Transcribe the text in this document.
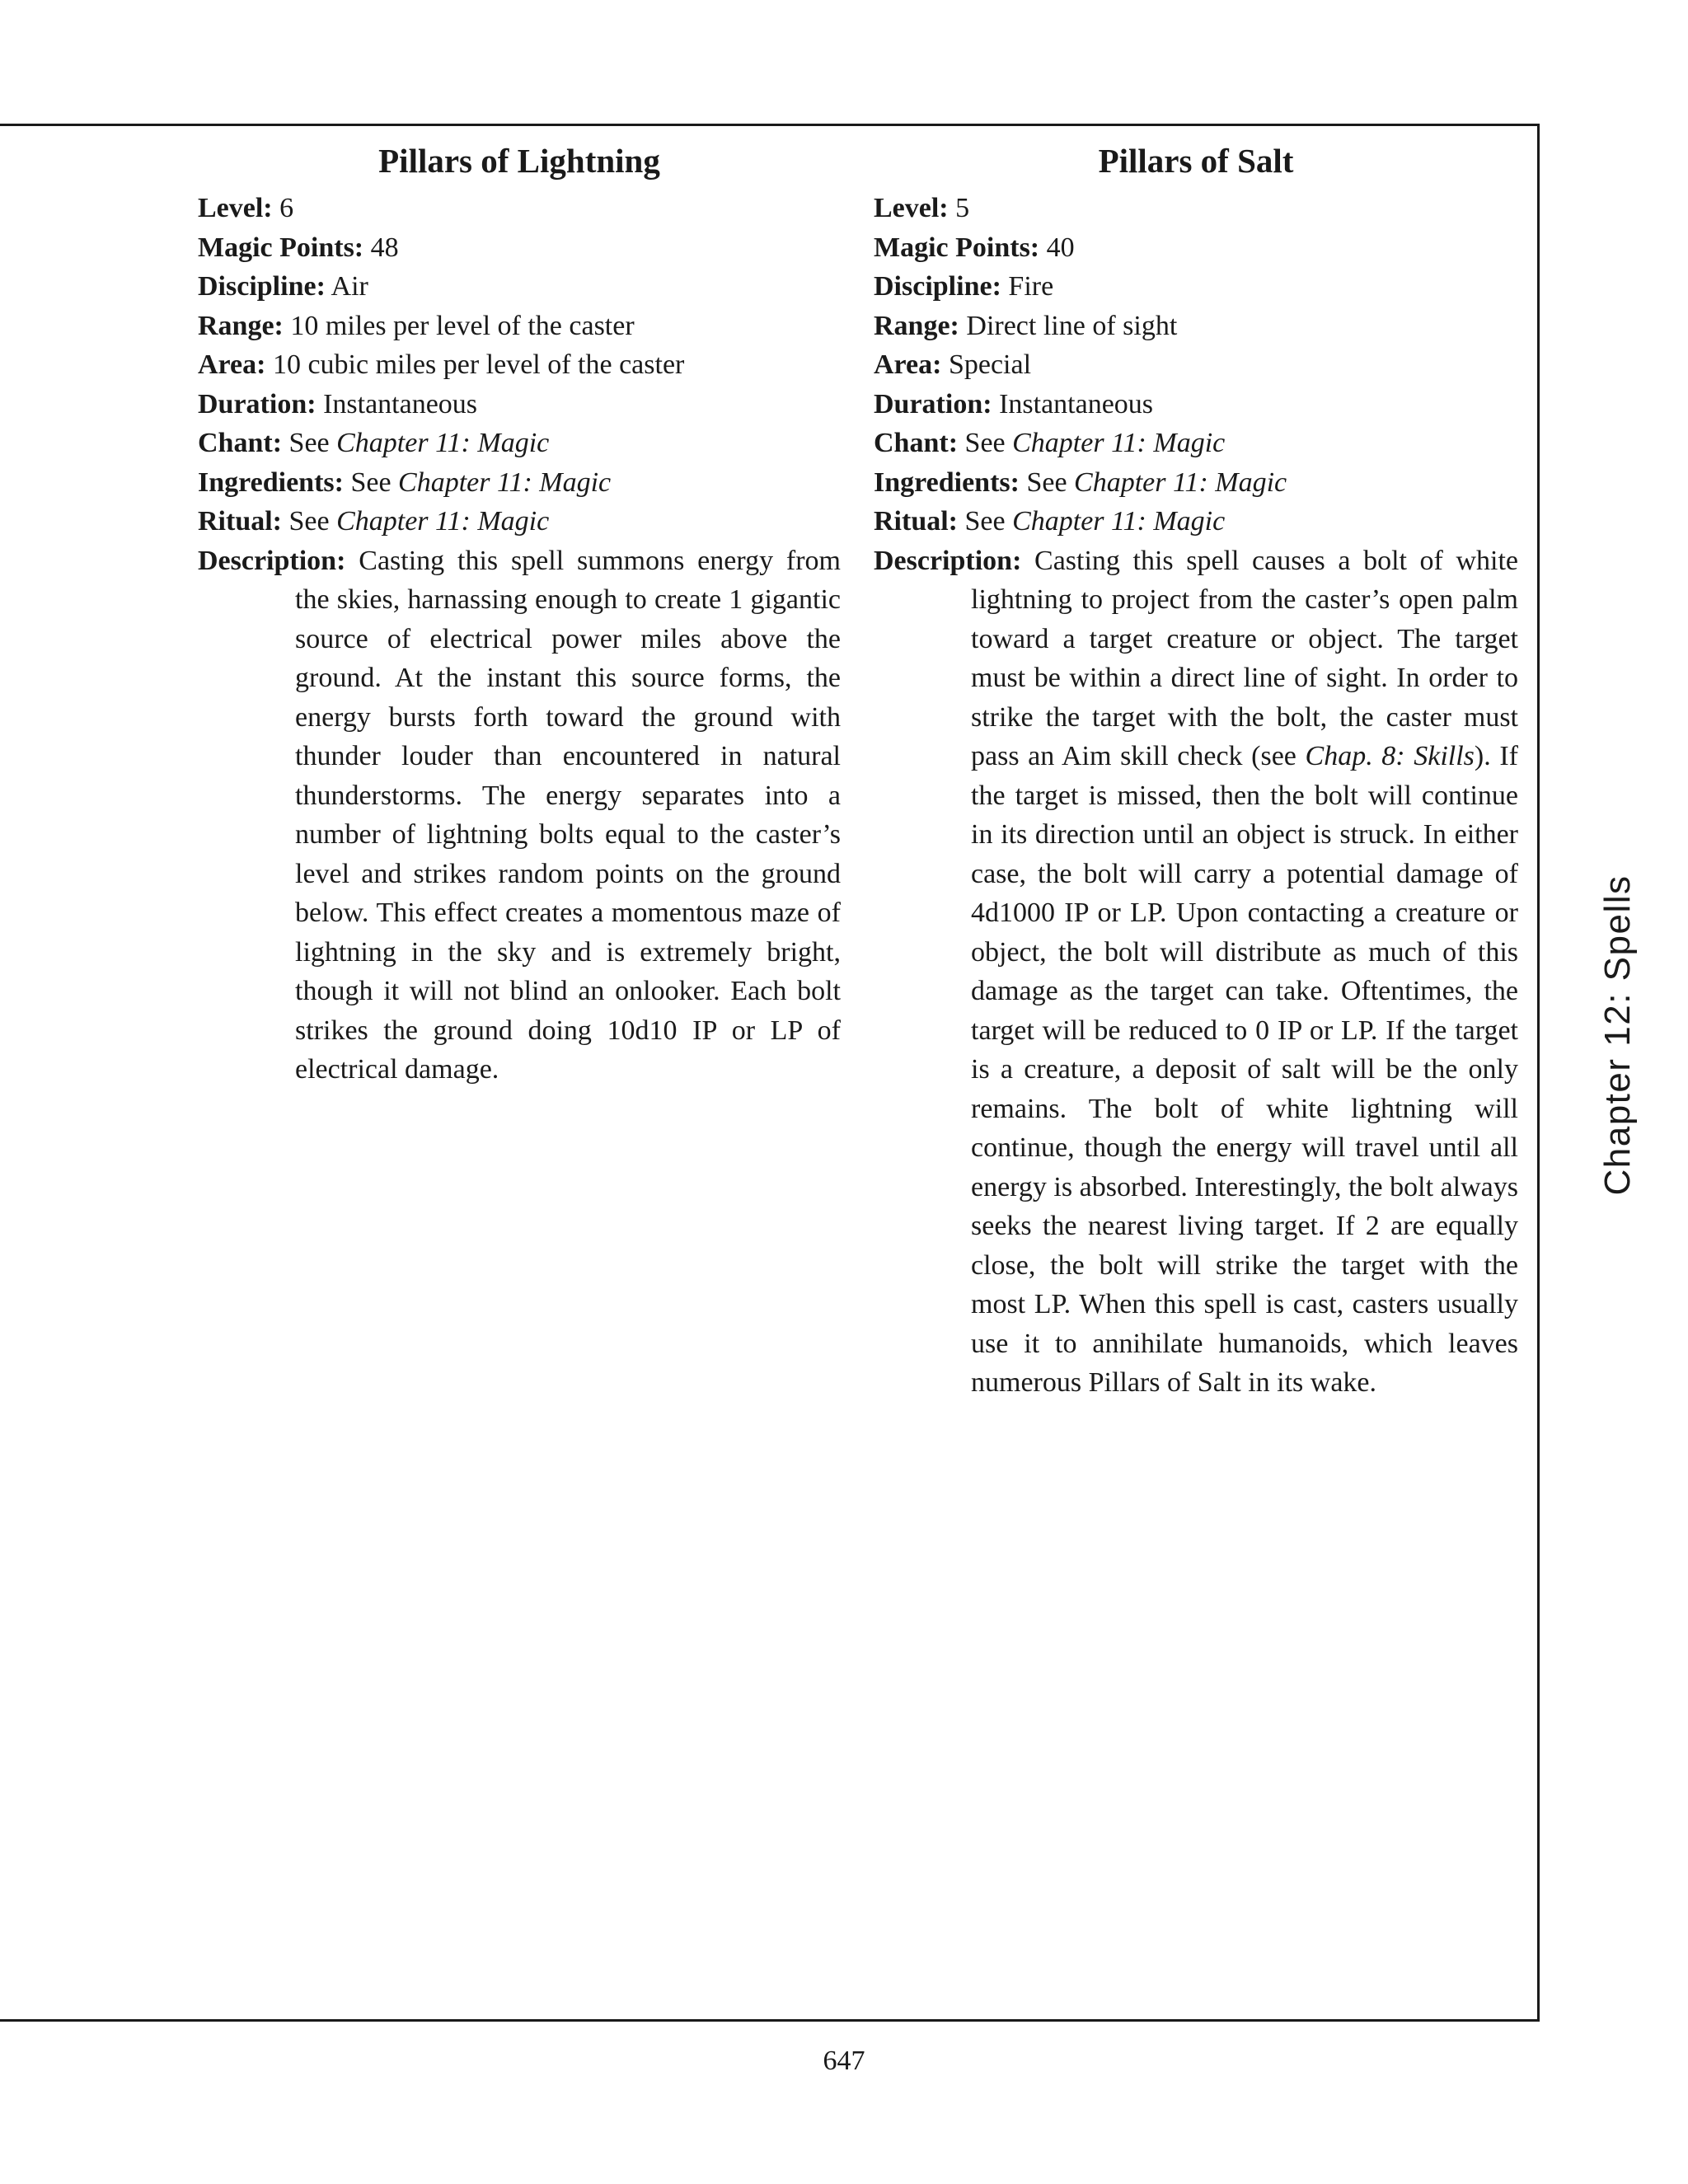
Pillars of Lightning
Level: 6
Magic Points: 48
Discipline: Air
Range: 10 miles per level of the caster
Area: 10 cubic miles per level of the caster
Duration: Instantaneous
Chant: See Chapter 11: Magic
Ingredients: See Chapter 11: Magic
Ritual: See Chapter 11: Magic
Description: Casting this spell summons energy from the skies, harnassing enough to create 1 gigantic source of electrical power miles above the ground. At the instant this source forms, the energy bursts forth toward the ground with thunder louder than encountered in natural thunderstorms. The energy separates into a number of lightning bolts equal to the caster’s level and strikes random points on the ground below. This effect creates a momentous maze of lightning in the sky and is extremely bright, though it will not blind an onlooker. Each bolt strikes the ground doing 10d10 IP or LP of electrical damage.
Pillars of Salt
Level: 5
Magic Points: 40
Discipline: Fire
Range: Direct line of sight
Area: Special
Duration: Instantaneous
Chant: See Chapter 11: Magic
Ingredients: See Chapter 11: Magic
Ritual: See Chapter 11: Magic
Description: Casting this spell causes a bolt of white lightning to project from the caster’s open palm toward a target creature or object. The target must be within a direct line of sight. In order to strike the target with the bolt, the caster must pass an Aim skill check (see Chap. 8: Skills). If the target is missed, then the bolt will continue in its direction until an object is struck. In either case, the bolt will carry a potential damage of 4d1000 IP or LP. Upon contacting a creature or object, the bolt will distribute as much of this damage as the target can take. Oftentimes, the target will be reduced to 0 IP or LP. If the target is a creature, a deposit of salt will be the only remains. The bolt of white lightning will continue, though the energy will travel until all energy is absorbed. Interestingly, the bolt always seeks the nearest living target. If 2 are equally close, the bolt will strike the target with the most LP. When this spell is cast, casters usually use it to annihilate humanoids, which leaves numerous Pillars of Salt in its wake.
Chapter 12: Spells
647
